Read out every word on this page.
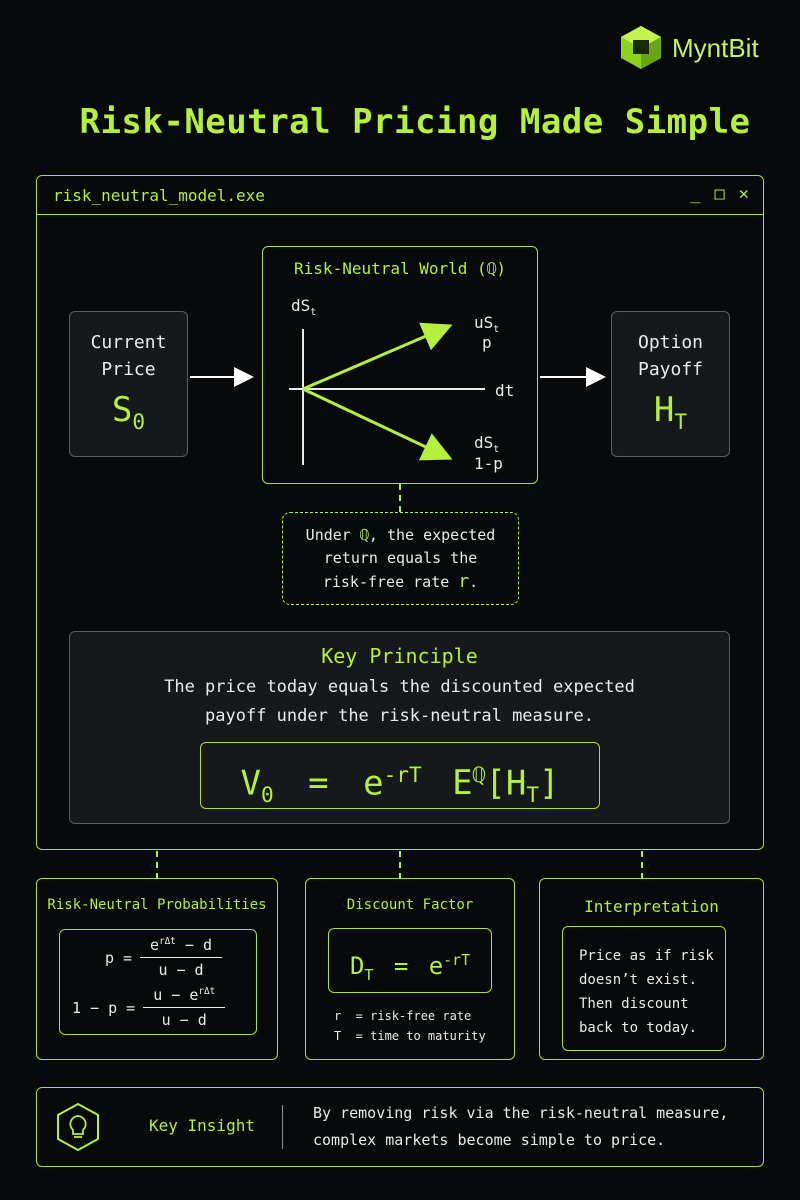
MyntBit
Risk-Neutral Pricing Made Simple
risk_neutral_model.exe	_ □ ✕
Current
Price
$S_0$
Option
Payoff
$H_T$
Risk-Neutral World (ℚ)
$dS_t$
dt
$uS_t$
p
$dS_t$
1-p
Under ℚ, the expected
return equals the
risk-free rate r.
Key Principle
The price today equals the discounted expected
payoff under the risk-neutral measure.
$V_0 = e^{-rT}$ $E^ℚ[H_T]$
Risk-Neutral Probabilities
$p = \frac{e^{r\Delta t} - d}{u - d}$
$1 - p = \frac{u - e^{r\Delta t}}{u - d}$
Discount Factor
$D_T = e^{-rT}$
r  = risk-free rate
T  = time to maturity
Interpretation
Price as if risk
doesn’t exist.
Then discount
back to today.
Key Insight
By removing risk via the risk-neutral measure,
complex markets become simple to price.
